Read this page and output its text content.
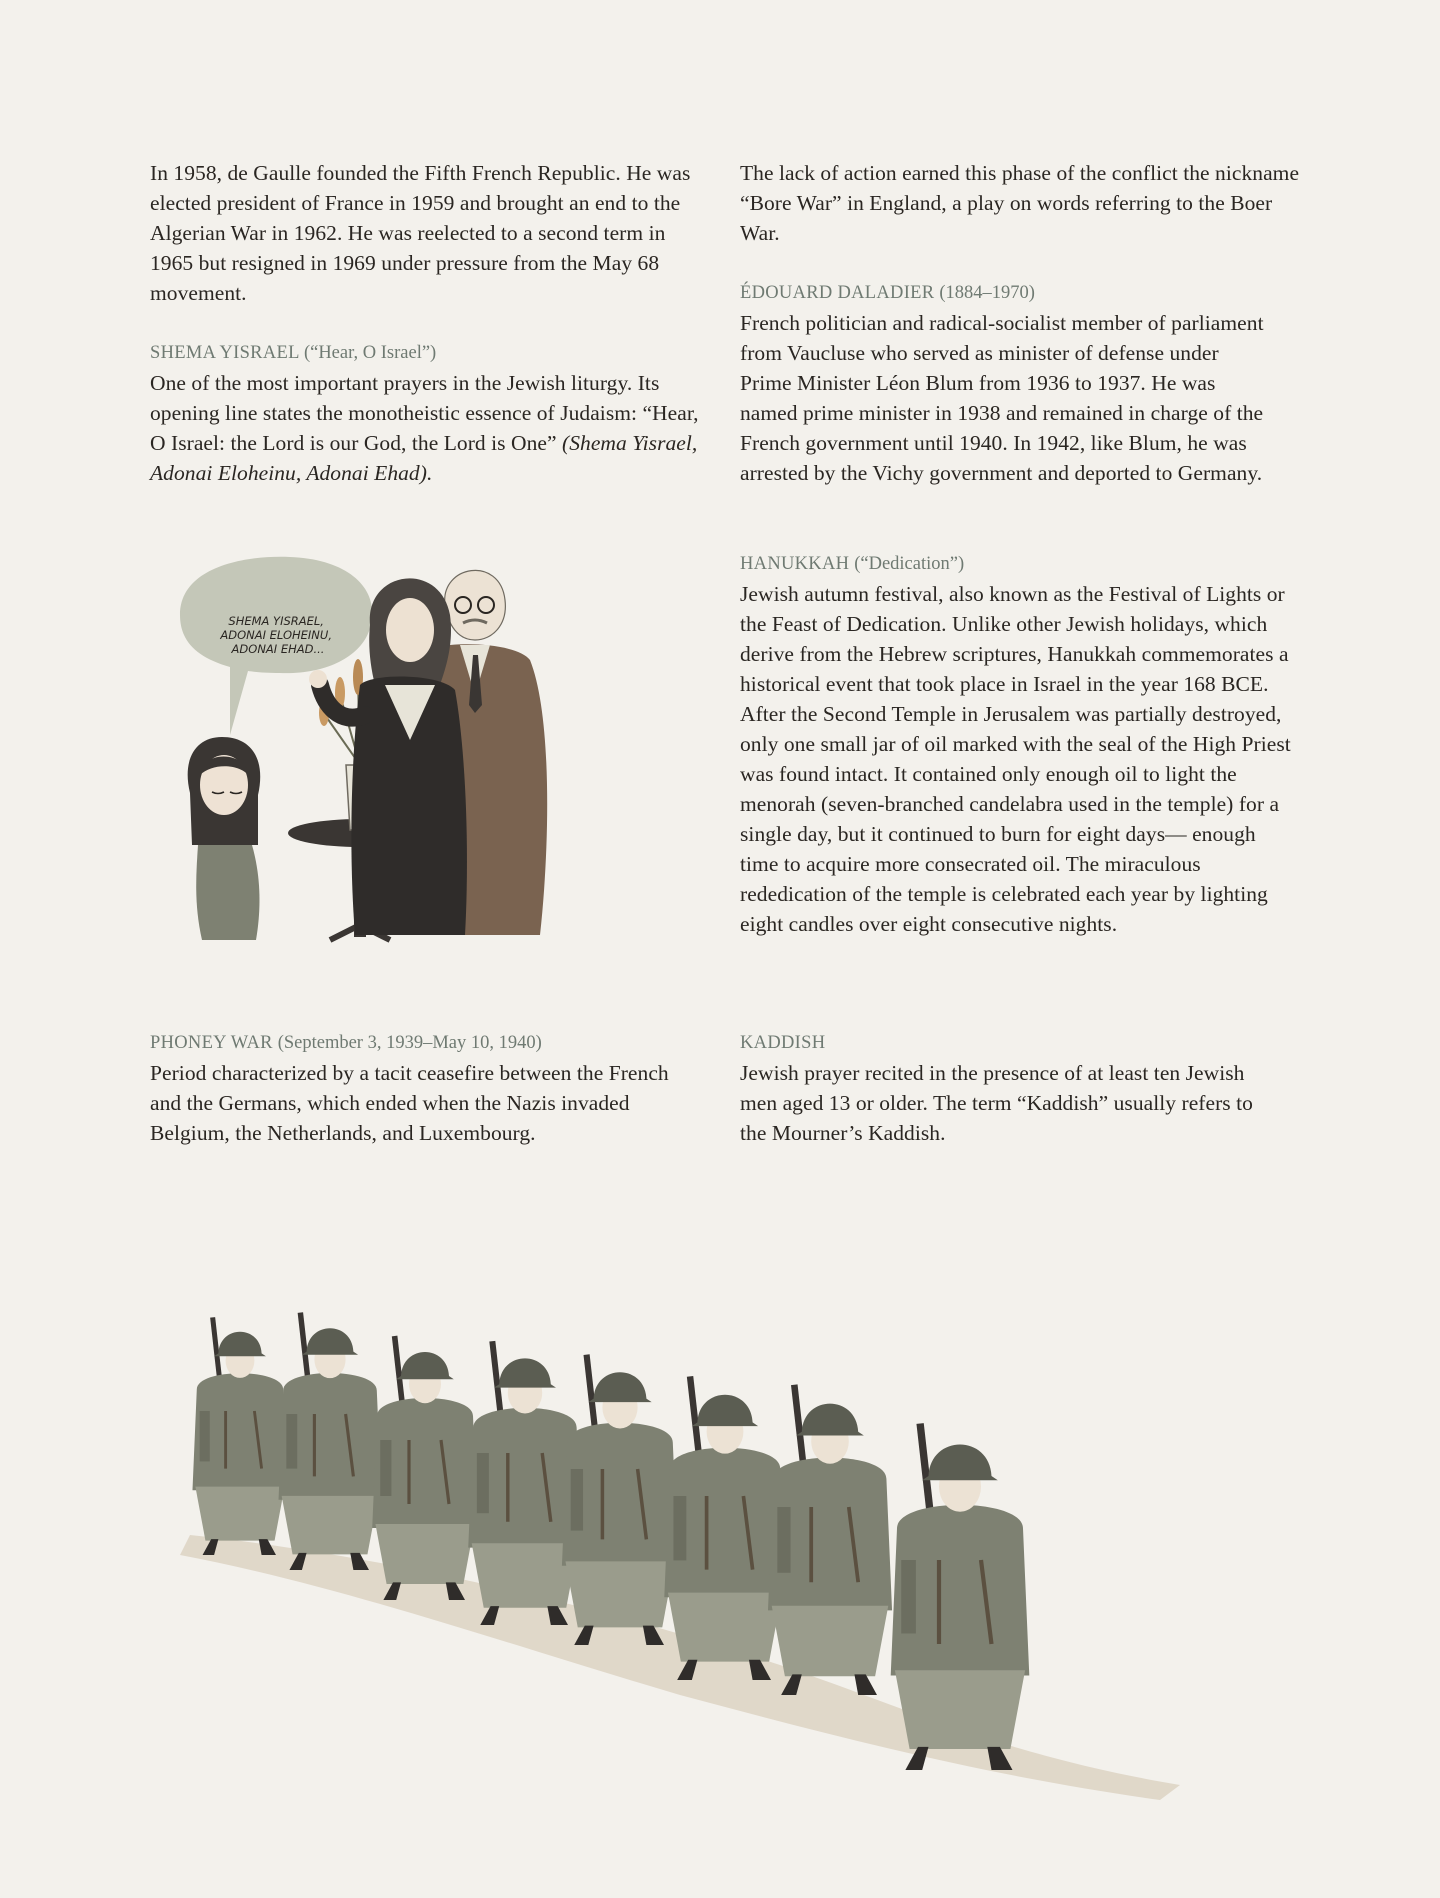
In 1958, de Gaulle founded the Fifth French Republic. He was elected president of France in 1959 and brought an end to the Algerian War in 1962. He was reelected to a second term in 1965 but resigned in 1969 under pressure from the May 68 movement.

SHEMA YISRAEL (“Hear, O Israel”)

One of the most important prayers in the Jewish liturgy. Its opening line states the monotheistic essence of Judaism: “Hear, O Israel: the Lord is our God, the Lord is One” (Shema Yisrael, Adonai Eloheinu, Adonai Ehad).

PHONEY WAR (September 3, 1939–May 10, 1940)

Period characterized by a tacit ceasefire between the French and the Germans, which ended when the Nazis invaded Belgium, the Netherlands, and Luxembourg.

The lack of action earned this phase of the conflict the nickname “Bore War” in England, a play on words referring to the Boer War.

ÉDOUARD DALADIER (1884–1970)

French politician and radical-socialist member of parliament from Vaucluse who served as minister of defense under Prime Minister Léon Blum from 1936 to 1937. He was named prime minister in 1938 and remained in charge of the French government until 1940. In 1942, like Blum, he was arrested by the Vichy government and deported to Germany.

HANUKKAH (“Dedication”)

Jewish autumn festival, also known as the Festival of Lights or the Feast of Dedication. Unlike other Jewish holidays, which derive from the Hebrew scriptures, Hanukkah commemorates a historical event that took place in Israel in the year 168 BCE. After the Second Temple in Jerusalem was partially destroyed, only one small jar of oil marked with the seal of the High Priest was found intact. It contained only enough oil to light the menorah (seven-branched candelabra used in the temple) for a single day, but it continued to burn for eight days— enough time to acquire more consecrated oil. The miraculous rededication of the temple is celebrated each year by lighting eight candles over eight consecutive nights.

KADDISH

Jewish prayer recited in the presence of at least ten Jewish men aged 13 or older. The term “Kaddish” usually refers to the Mourner’s Kaddish.

SHEMA YISRAEL, ADONAI ELOHEINU, ADONAI EHAD...
